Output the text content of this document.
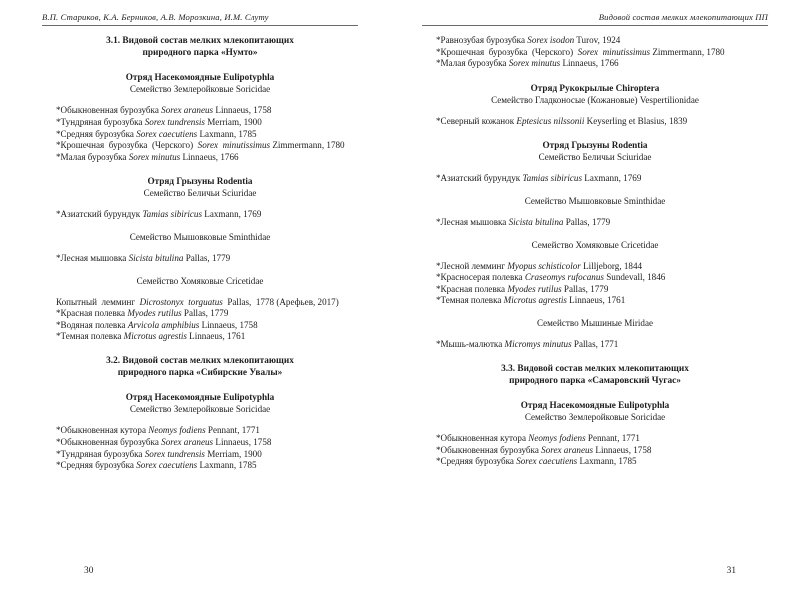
В.П. Стариков, К.А. Берников, А.В. Морозкина, И.М. Слуту
3.1. Видовой состав мелких млекопитающих
природного парка «Нумто»
Отряд Насекомоядные Eulipotyphla
Семейство Землеройковые Soricidae
*Обыкновенная бурозубка Sorex araneus Linnaeus, 1758
*Тундряная бурозубка Sorex tundrensis Merriam, 1900
*Средняя бурозубка Sorex caecutiens Laxmann, 1785
*Крошечная  бурозубка  (Черского)  Sorex  minutissimus Zimmermann, 1780
*Малая бурозубка Sorex minutus Linnaeus, 1766
Отряд Грызуны Rodentia
Семейство Беличьи Sciuridae
*Азиатский бурундук Tamias sibiricus Laxmann, 1769
Семейство Мышовковые Sminthidae
*Лесная мышовка Sicista bitulina Pallas, 1779
Семейство Хомяковые Cricetidae
Копытный  лемминг  Dicrostonyx  torguatus  Pallas,  1778 (Арефьев, 2017)
*Красная полевка Myodes rutilus Pallas, 1779
*Водяная полевка Arvicola amphibius Linnaeus, 1758
*Темная полевка Microtus agrestis Linnaeus, 1761
3.2. Видовой состав мелких млекопитающих
природного парка «Сибирские Увалы»
Отряд Насекомоядные Eulipotyphla
Семейство Землеройковые Soricidae
*Обыкновенная кутора Neomys fodiens Pennant, 1771
*Обыкновенная бурозубка Sorex araneus Linnaeus, 1758
*Тундряная бурозубка Sorex tundrensis Merriam, 1900
*Средняя бурозубка Sorex caecutiens Laxmann, 1785
30
Видовой состав мелких млекопитающих ПП
*Равнозубая бурозубка Sorex isodon Turov, 1924
*Крошечная  бурозубка  (Черского)  Sorex  minutissimus Zimmermann, 1780
*Малая бурозубка Sorex minutus Linnaeus, 1766
Отряд Рукокрылые Chiroptera
Семейство Гладконосые (Кожановые) Vespertilionidae
*Северный кожанок Eptesicus nilssonii Keyserling et Blasius, 1839
Отряд Грызуны Rodentia
Семейство Беличьи Sciuridae
*Азиатский бурундук Tamias sibiricus Laxmann, 1769
Семейство Мышовковые Sminthidae
*Лесная мышовка Sicista bitulina Pallas, 1779
Семейство Хомяковые Cricetidae
*Лесной лемминг Myopus schisticolor Lilljeborg, 1844
*Красносерая полевка Craseomys rufocanus Sundevall, 1846
*Красная полевка Myodes rutilus Pallas, 1779
*Темная полевка Microtus agrestis Linnaeus, 1761
Семейство Мышиные Miridae
*Мышь-малютка Micromys minutus Pallas, 1771
3.3. Видовой состав мелких млекопитающих
природного парка «Самаровский Чугас»
Отряд Насекомоядные Eulipotyphla
Семейство Землеройковые Soricidae
*Обыкновенная кутора Neomys fodiens Pennant, 1771
*Обыкновенная бурозубка Sorex araneus Linnaeus, 1758
*Средняя бурозубка Sorex caecutiens Laxmann, 1785
31
